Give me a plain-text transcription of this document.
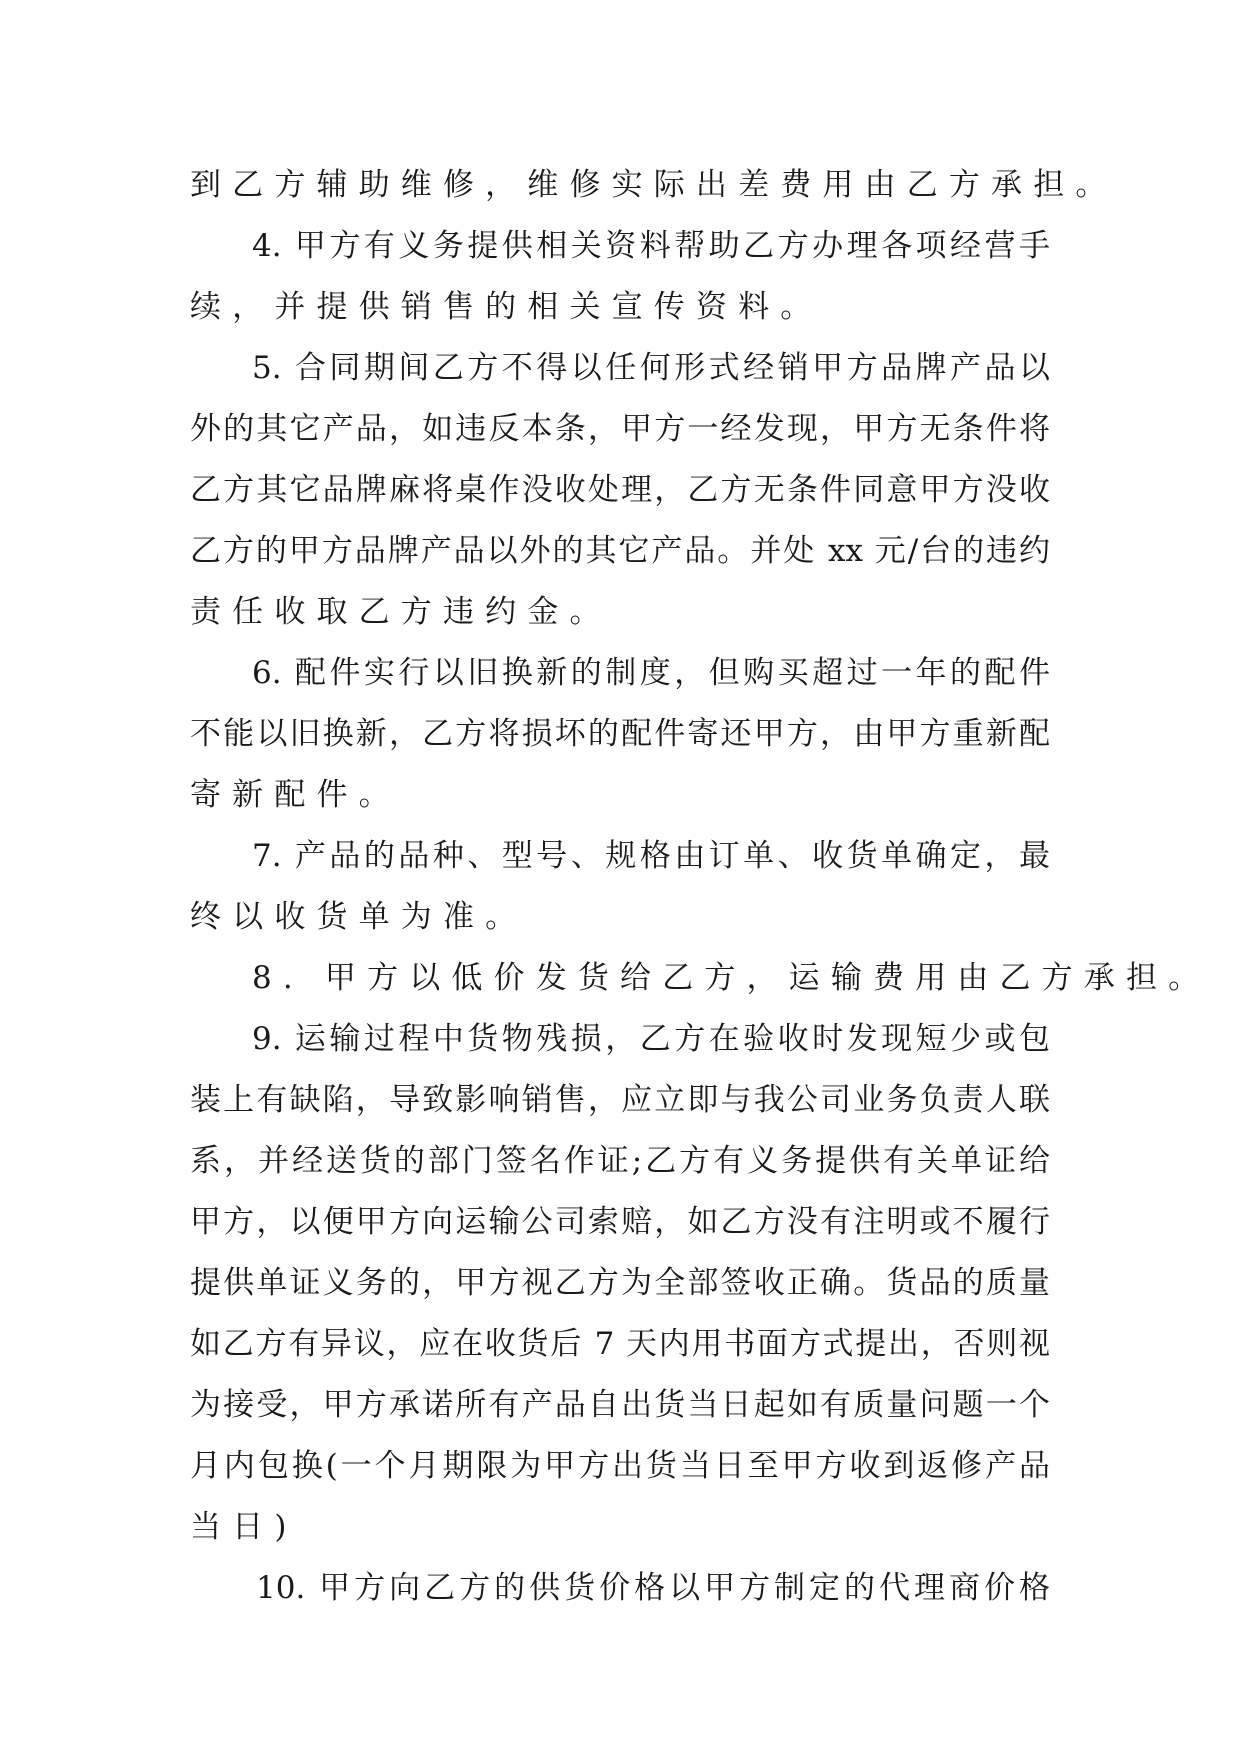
到乙方辅助维修，维修实际出差费用由乙方承担。
4. 甲方有义务提供相关资料帮助乙方办理各项经营手
续，并提供销售的相关宣传资料。
5. 合同期间乙方不得以任何形式经销甲方品牌产品以
外的其它产品，如违反本条，甲方一经发现，甲方无条件将
乙方其它品牌麻将桌作没收处理，乙方无条件同意甲方没收
乙方的甲方品牌产品以外的其它产品。并处 xx 元/台的违约
责任收取乙方违约金。
6. 配件实行以旧换新的制度，但购买超过一年的配件
不能以旧换新，乙方将损坏的配件寄还甲方，由甲方重新配
寄新配件。
7. 产品的品种、型号、规格由订单、收货单确定，最
终以收货单为准。
8. 甲方以低价发货给乙方，运输费用由乙方承担。
9. 运输过程中货物残损，乙方在验收时发现短少或包
装上有缺陷，导致影响销售，应立即与我公司业务负责人联
系，并经送货的部门签名作证;乙方有义务提供有关单证给
甲方，以便甲方向运输公司索赔，如乙方没有注明或不履行
提供单证义务的，甲方视乙方为全部签收正确。货品的质量
如乙方有异议，应在收货后 7 天内用书面方式提出，否则视
为接受，甲方承诺所有产品自出货当日起如有质量问题一个
月内包换(一个月期限为甲方出货当日至甲方收到返修产品
当日)
10. 甲方向乙方的供货价格以甲方制定的代理商价格
